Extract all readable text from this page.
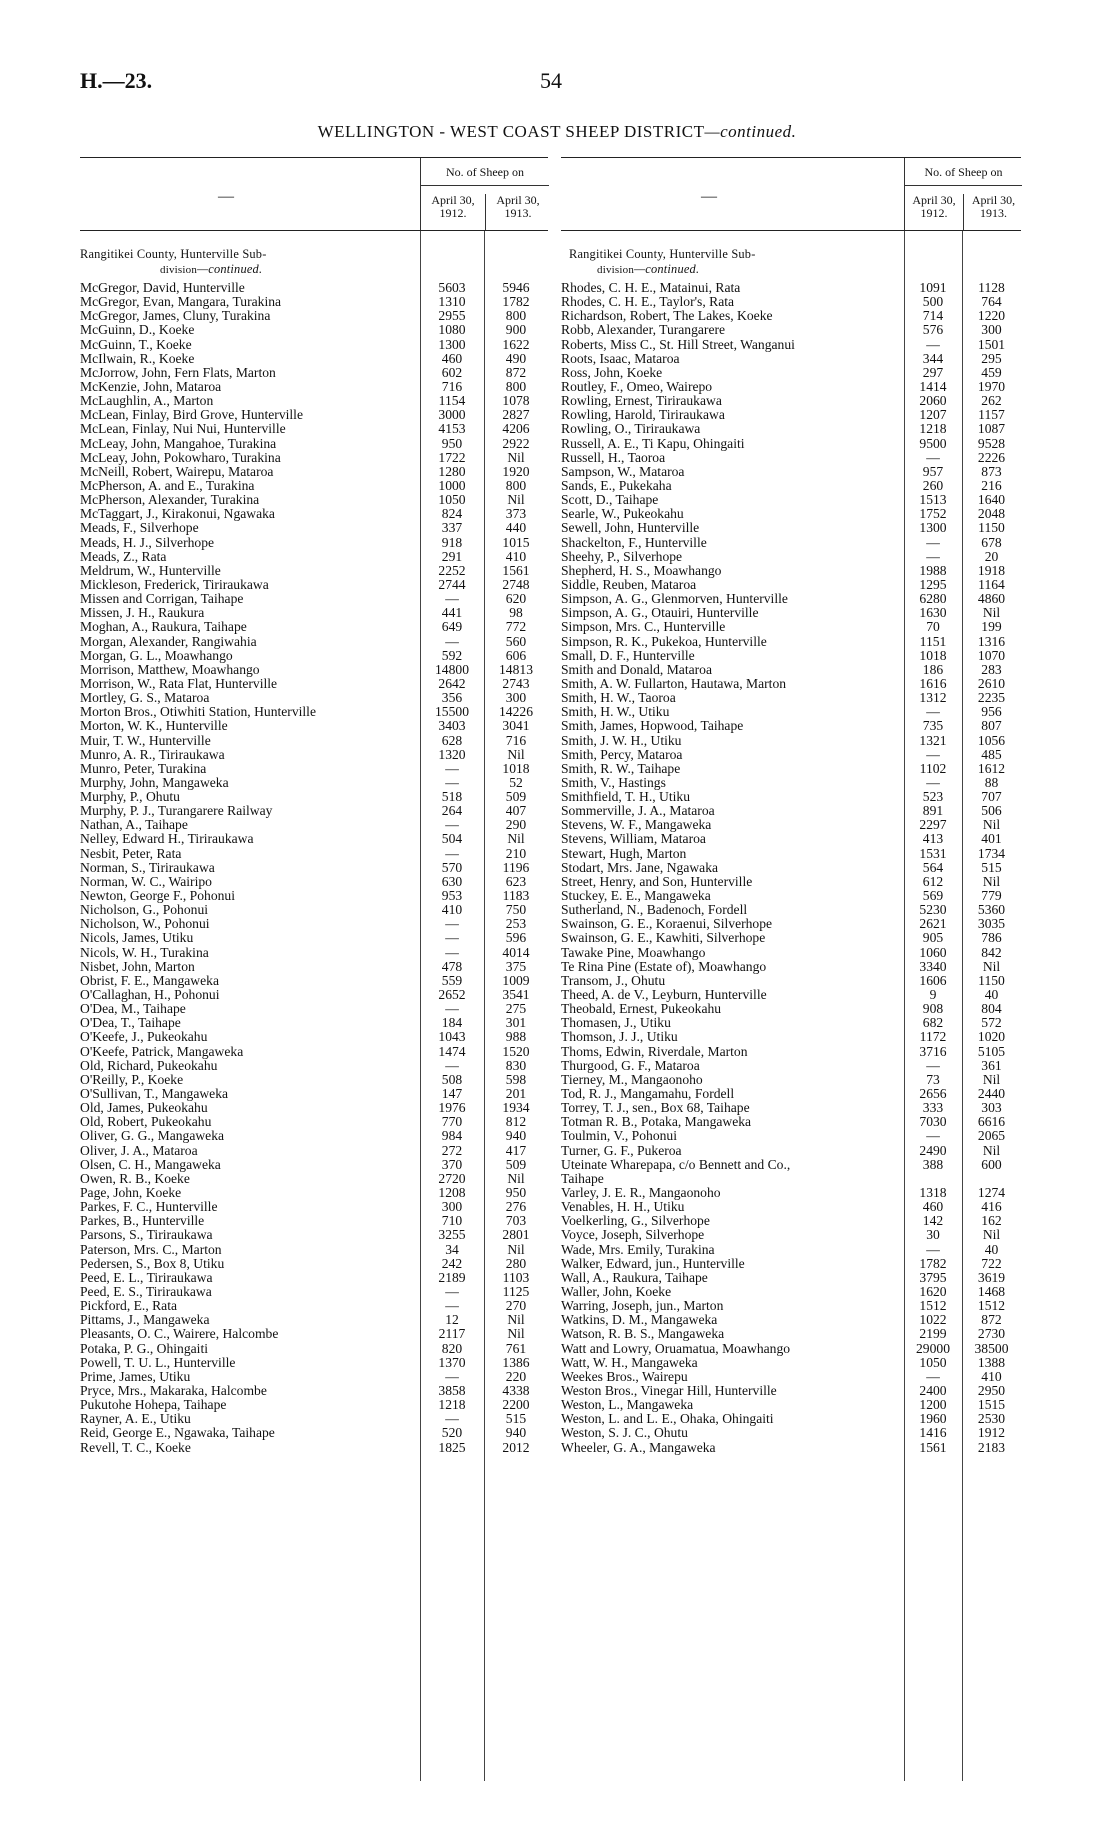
H.—23.	54
WELLINGTON - WEST COAST SHEEP DISTRICT—continued.
—
No. of Sheep on
April 30,
1912.
April 30,
1913.
Rangitikei County, Hunterville Sub-
division—continued.
McGregor, David, Hunterville	5603	5946
McGregor, Evan, Mangara, Turakina	1310	1782
McGregor, James, Cluny, Turakina	2955	800
McGuinn, D., Koeke	1080	900
McGuinn, T., Koeke	1300	1622
McIlwain, R., Koeke	460	490
McJorrow, John, Fern Flats, Marton	602	872
McKenzie, John, Mataroa	716	800
McLaughlin, A., Marton	1154	1078
McLean, Finlay, Bird Grove, Hunterville	3000	2827
McLean, Finlay, Nui Nui, Hunterville	4153	4206
McLeay, John, Mangahoe, Turakina	950	2922
McLeay, John, Pokowharo, Turakina	1722	Nil
McNeill, Robert, Wairepu, Mataroa	1280	1920
McPherson, A. and E., Turakina	1000	800
McPherson, Alexander, Turakina	1050	Nil
McTaggart, J., Kirakonui, Ngawaka	824	373
Meads, F., Silverhope	337	440
Meads, H. J., Silverhope	918	1015
Meads, Z., Rata	291	410
Meldrum, W., Hunterville	2252	1561
Mickleson, Frederick, Tiriraukawa	2744	2748
Missen and Corrigan, Taihape	—	620
Missen, J. H., Raukura	441	98
Moghan, A., Raukura, Taihape	649	772
Morgan, Alexander, Rangiwahia	—	560
Morgan, G. L., Moawhango	592	606
Morrison, Matthew, Moawhango	14800	14813
Morrison, W., Rata Flat, Hunterville	2642	2743
Mortley, G. S., Mataroa	356	300
Morton Bros., Otiwhiti Station, Hunterville	15500	14226
Morton, W. K., Hunterville	3403	3041
Muir, T. W., Hunterville	628	716
Munro, A. R., Tiriraukawa	1320	Nil
Munro, Peter, Turakina	—	1018
Murphy, John, Mangaweka	—	52
Murphy, P., Ohutu	518	509
Murphy, P. J., Turangarere Railway	264	407
Nathan, A., Taihape	—	290
Nelley, Edward H., Tiriraukawa	504	Nil
Nesbit, Peter, Rata	—	210
Norman, S., Tiriraukawa	570	1196
Norman, W. C., Wairipo	630	623
Newton, George F., Pohonui	953	1183
Nicholson, G., Pohonui	410	750
Nicholson, W., Pohonui	—	253
Nicols, James, Utiku	—	596
Nicols, W. H., Turakina	—	4014
Nisbet, John, Marton	478	375
Obrist, F. E., Mangaweka	559	1009
O'Callaghan, H., Pohonui	2652	3541
O'Dea, M., Taihape	—	275
O'Dea, T., Taihape	184	301
O'Keefe, J., Pukeokahu	1043	988
O'Keefe, Patrick, Mangaweka	1474	1520
Old, Richard, Pukeokahu	—	830
O'Reilly, P., Koeke	508	598
O'Sullivan, T., Mangaweka	147	201
Old, James, Pukeokahu	1976	1934
Old, Robert, Pukeokahu	770	812
Oliver, G. G., Mangaweka	984	940
Oliver, J. A., Mataroa	272	417
Olsen, C. H., Mangaweka	370	509
Owen, R. B., Koeke	2720	Nil
Page, John, Koeke	1208	950
Parkes, F. C., Hunterville	300	276
Parkes, B., Hunterville	710	703
Parsons, S., Tiriraukawa	3255	2801
Paterson, Mrs. C., Marton	34	Nil
Pedersen, S., Box 8, Utiku	242	280
Peed, E. L., Tiriraukawa	2189	1103
Peed, E. S., Tiriraukawa	—	1125
Pickford, E., Rata	—	270
Pittams, J., Mangaweka	12	Nil
Pleasants, O. C., Wairere, Halcombe	2117	Nil
Potaka, P. G., Ohingaiti	820	761
Powell, T. U. L., Hunterville	1370	1386
Prime, James, Utiku	—	220
Pryce, Mrs., Makaraka, Halcombe	3858	4338
Pukutohe Hohepa, Taihape	1218	2200
Rayner, A. E., Utiku	—	515
Reid, George E., Ngawaka, Taihape	520	940
Revell, T. C., Koeke	1825	2012
—
No. of Sheep on
April 30,
1912.
April 30,
1913.
Rangitikei County, Hunterville Sub-
division—continued.
Rhodes, C. H. E., Matainui, Rata	1091	1128
Rhodes, C. H. E., Taylor's, Rata	500	764
Richardson, Robert, The Lakes, Koeke	714	1220
Robb, Alexander, Turangarere	576	300
Roberts, Miss C., St. Hill Street, Wanganui	—	1501
Roots, Isaac, Mataroa	344	295
Ross, John, Koeke	297	459
Routley, F., Omeo, Wairepo	1414	1970
Rowling, Ernest, Tiriraukawa	2060	262
Rowling, Harold, Tiriraukawa	1207	1157
Rowling, O., Tiriraukawa	1218	1087
Russell, A. E., Ti Kapu, Ohingaiti	9500	9528
Russell, H., Taoroa	—	2226
Sampson, W., Mataroa	957	873
Sands, E., Pukekaha	260	216
Scott, D., Taihape	1513	1640
Searle, W., Pukeokahu	1752	2048
Sewell, John, Hunterville	1300	1150
Shackelton, F., Hunterville	—	678
Sheehy, P., Silverhope	—	20
Shepherd, H. S., Moawhango	1988	1918
Siddle, Reuben, Mataroa	1295	1164
Simpson, A. G., Glenmorven, Hunterville	6280	4860
Simpson, A. G., Otauiri, Hunterville	1630	Nil
Simpson, Mrs. C., Hunterville	70	199
Simpson, R. K., Pukekoa, Hunterville	1151	1316
Small, D. F., Hunterville	1018	1070
Smith and Donald, Mataroa	186	283
Smith, A. W. Fullarton, Hautawa, Marton	1616	2610
Smith, H. W., Taoroa	1312	2235
Smith, H. W., Utiku	—	956
Smith, James, Hopwood, Taihape	735	807
Smith, J. W. H., Utiku	1321	1056
Smith, Percy, Mataroa	—	485
Smith, R. W., Taihape	1102	1612
Smith, V., Hastings	—	88
Smithfield, T. H., Utiku	523	707
Sommerville, J. A., Mataroa	891	506
Stevens, W. F., Mangaweka	2297	Nil
Stevens, William, Mataroa	413	401
Stewart, Hugh, Marton	1531	1734
Stodart, Mrs. Jane, Ngawaka	564	515
Street, Henry, and Son, Hunterville	612	Nil
Stuckey, E. E., Mangaweka	569	779
Sutherland, N., Badenoch, Fordell	5230	5360
Swainson, G. E., Koraenui, Silverhope	2621	3035
Swainson, G. E., Kawhiti, Silverhope	905	786
Tawake Pine, Moawhango	1060	842
Te Rina Pine (Estate of), Moawhango	3340	Nil
Transom, J., Ohutu	1606	1150
Theed, A. de V., Leyburn, Hunterville	9	40
Theobald, Ernest, Pukeokahu	908	804
Thomasen, J., Utiku	682	572
Thomson, J. J., Utiku	1172	1020
Thoms, Edwin, Riverdale, Marton	3716	5105
Thurgood, G. F., Mataroa	—	361
Tierney, M., Mangaonoho	73	Nil
Tod, R. J., Mangamahu, Fordell	2656	2440
Torrey, T. J., sen., Box 68, Taihape	333	303
Totman R. B., Potaka, Mangaweka	7030	6616
Toulmin, V., Pohonui	—	2065
Turner, G. F., Pukeroa	2490	Nil
Uteinate Wharepapa, c/o Bennett and Co.,	388	600
Taihape
Varley, J. E. R., Mangaonoho	1318	1274
Venables, H. H., Utiku	460	416
Voelkerling, G., Silverhope	142	162
Voyce, Joseph, Silverhope	30	Nil
Wade, Mrs. Emily, Turakina	—	40
Walker, Edward, jun., Hunterville	1782	722
Wall, A., Raukura, Taihape	3795	3619
Waller, John, Koeke	1620	1468
Warring, Joseph, jun., Marton	1512	1512
Watkins, D. M., Mangaweka	1022	872
Watson, R. B. S., Mangaweka	2199	2730
Watt and Lowry, Oruamatua, Moawhango	29000	38500
Watt, W. H., Mangaweka	1050	1388
Weekes Bros., Wairepu	—	410
Weston Bros., Vinegar Hill, Hunterville	2400	2950
Weston, L., Mangaweka	1200	1515
Weston, L. and L. E., Ohaka, Ohingaiti	1960	2530
Weston, S. J. C., Ohutu	1416	1912
Wheeler, G. A., Mangaweka	1561	2183
